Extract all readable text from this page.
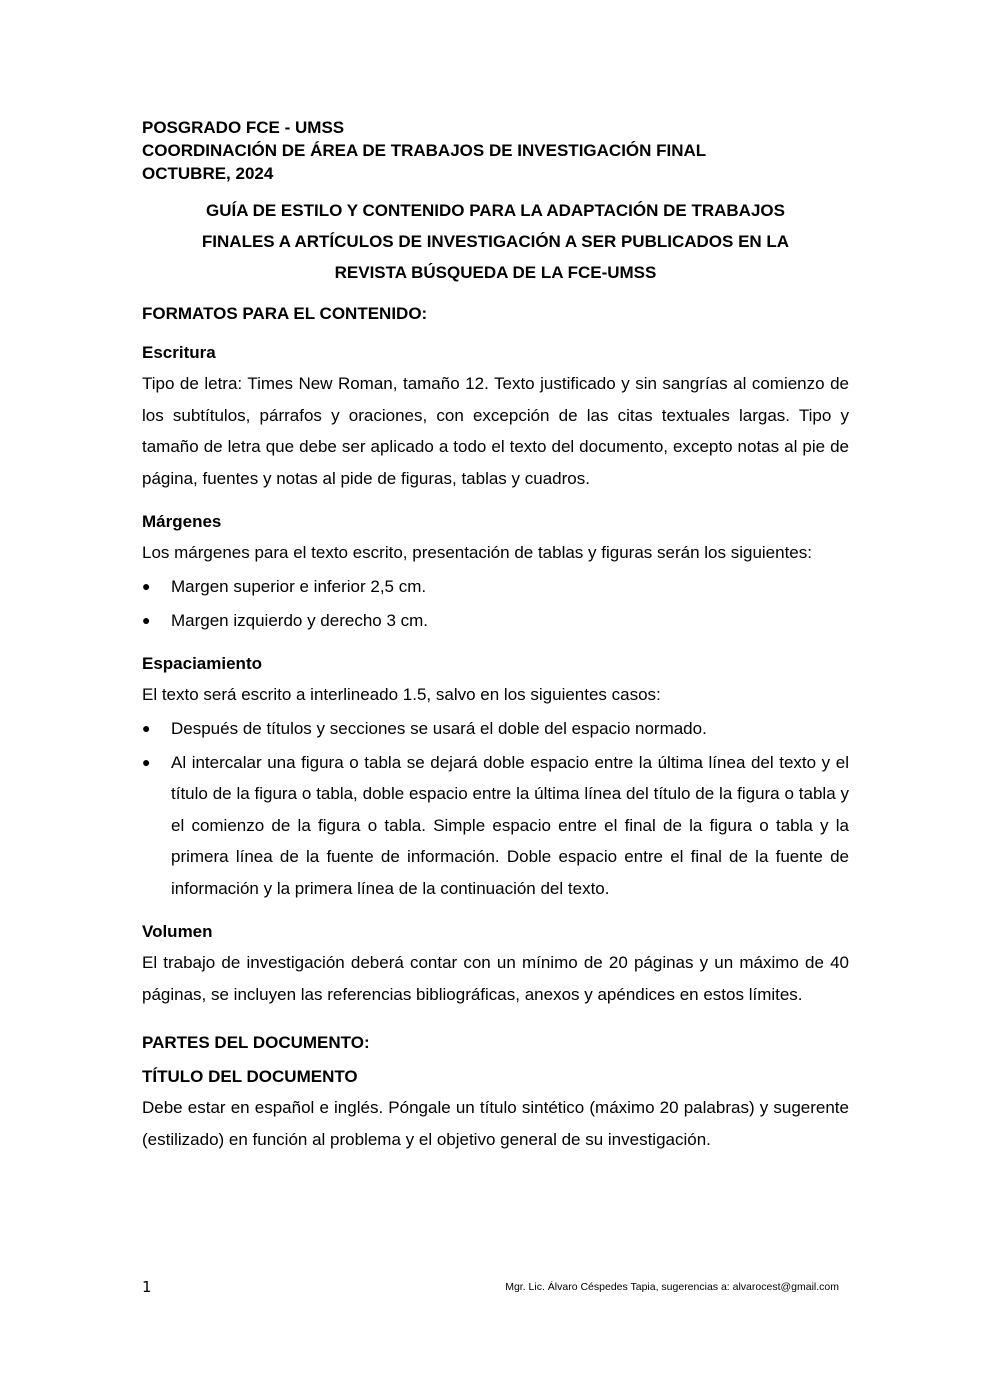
POSGRADO FCE - UMSS

COORDINACIÓN DE ÁREA DE TRABAJOS DE INVESTIGACIÓN FINAL

OCTUBRE, 2024

GUÍA DE ESTILO Y CONTENIDO PARA LA ADAPTACIÓN DE TRABAJOS
FINALES A ARTÍCULOS DE INVESTIGACIÓN A SER PUBLICADOS EN LA
REVISTA BÚSQUEDA DE LA FCE-UMSS
FORMATOS PARA EL CONTENIDO:
Escritura

Tipo de letra: Times New Roman, tamaño 12. Texto justificado y sin sangrías al comienzo de los subtítulos, párrafos y oraciones, con excepción de las citas textuales largas. Tipo y tamaño de letra que debe ser aplicado a todo el texto del documento, excepto notas al pie de página, fuentes y notas al pide de figuras, tablas y cuadros.

Márgenes

Los márgenes para el texto escrito, presentación de tablas y figuras serán los siguientes:

● Margen superior e inferior 2,5 cm.
● Margen izquierdo y derecho 3 cm.
Espaciamiento

El texto será escrito a interlineado 1.5, salvo en los siguientes casos:

● Después de títulos y secciones se usará el doble del espacio normado.
● Al intercalar una figura o tabla se dejará doble espacio entre la última línea del texto y el título de la figura o tabla, doble espacio entre la última línea del título de la figura o tabla y el comienzo de la figura o tabla. Simple espacio entre el final de la figura o tabla y la primera línea de la fuente de información. Doble espacio entre el final de la fuente de información y la primera línea de la continuación del texto.
Volumen

El trabajo de investigación deberá contar con un mínimo de 20 páginas y un máximo de 40 páginas, se incluyen las referencias bibliográficas, anexos y apéndices en estos límites.

PARTES DEL DOCUMENTO:
TÍTULO DEL DOCUMENTO

Debe estar en español e inglés. Póngale un título sintético (máximo 20 palabras) y sugerente (estilizado) en función al problema y el objetivo general de su investigación.

1	Mgr. Lic. Álvaro Céspedes Tapia, sugerencias a: alvarocest@gmail.com
